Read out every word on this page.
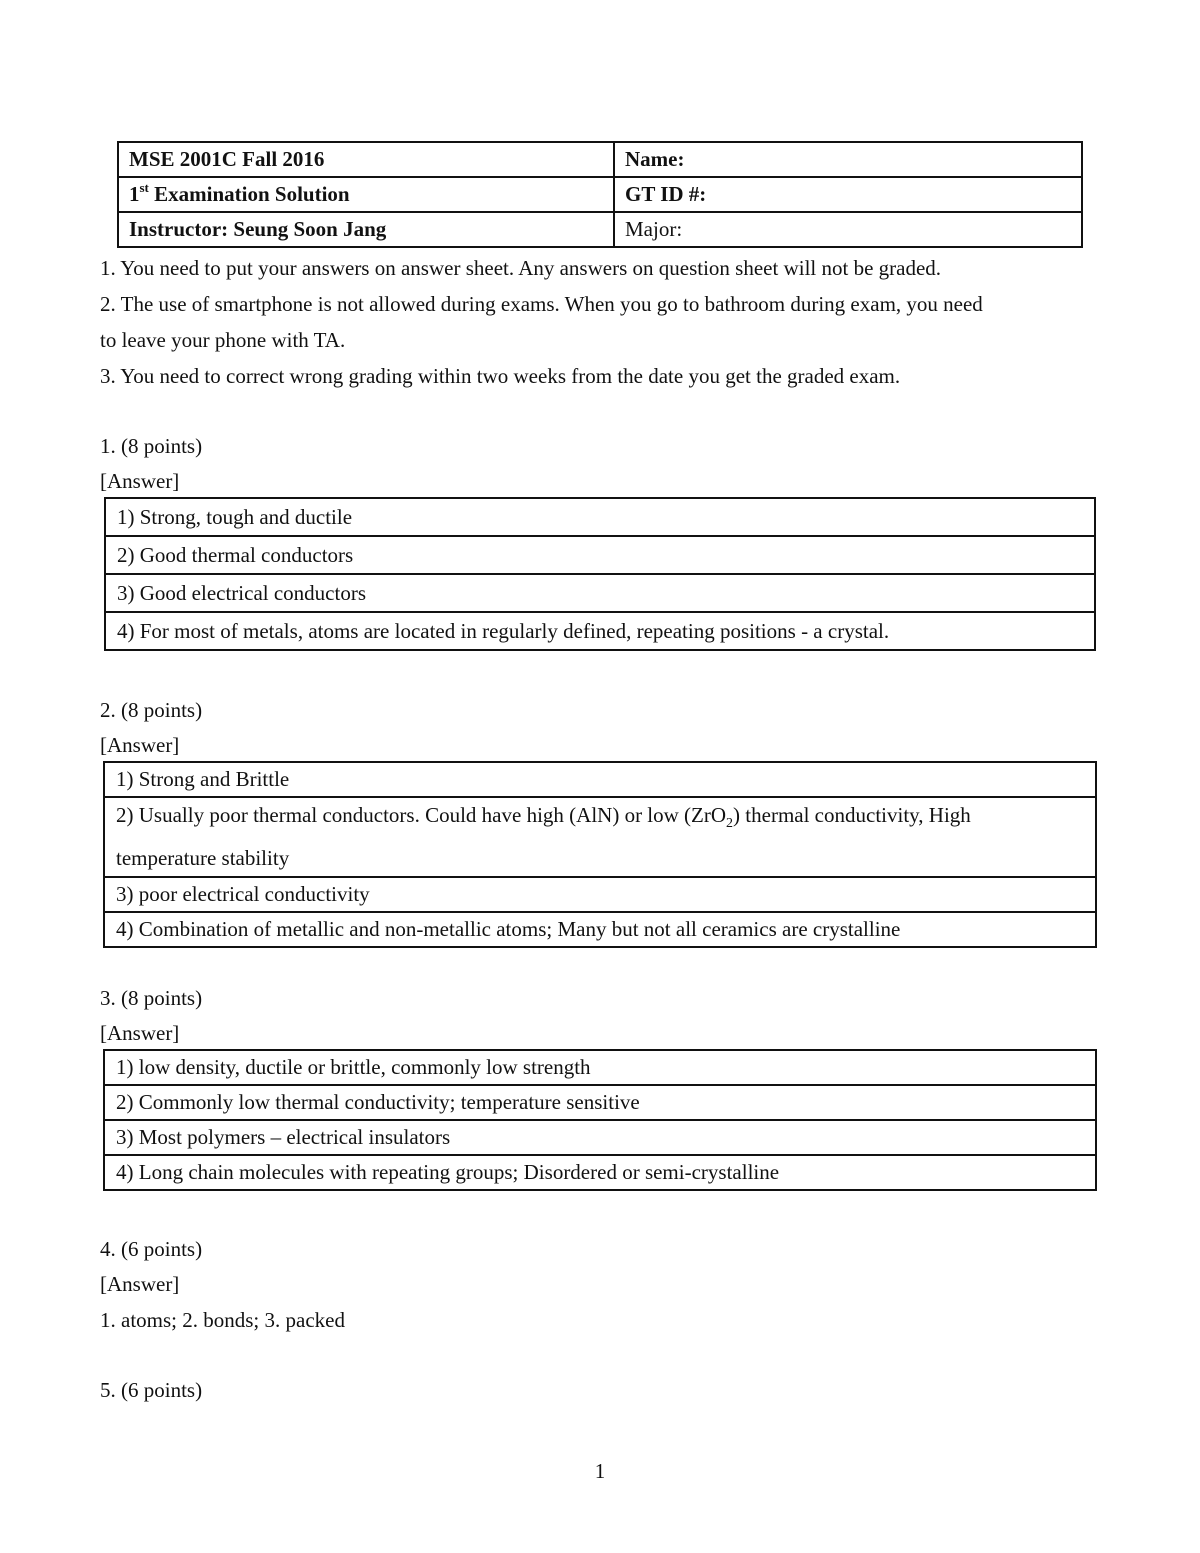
MSE 2001C Fall 2016	Name:
1st Examination Solution	GT ID #:
Instructor: Seung Soon Jang	Major:
1. You need to put your answers on answer sheet. Any answers on question sheet will not be graded.
2. The use of smartphone is not allowed during exams. When you go to bathroom during exam, you need
to leave your phone with TA.
3. You need to correct wrong grading within two weeks from the date you get the graded exam.
1. (8 points)
[Answer]
1) Strong, tough and ductile
2) Good thermal conductors
3) Good electrical conductors
4) For most of metals, atoms are located in regularly defined, repeating positions - a crystal.
2. (8 points)
[Answer]
1) Strong and Brittle
2) Usually poor thermal conductors. Could have high (AlN) or low (ZrO$_2$) thermal conductivity, High
temperature stability
3) poor electrical conductivity
4) Combination of metallic and non-metallic atoms; Many but not all ceramics are crystalline
3. (8 points)
[Answer]
1) low density, ductile or brittle, commonly low strength
2) Commonly low thermal conductivity; temperature sensitive
3) Most polymers – electrical insulators
4) Long chain molecules with repeating groups; Disordered or semi-crystalline
4. (6 points)
[Answer]
1. atoms; 2. bonds; 3. packed
5. (6 points)
1
